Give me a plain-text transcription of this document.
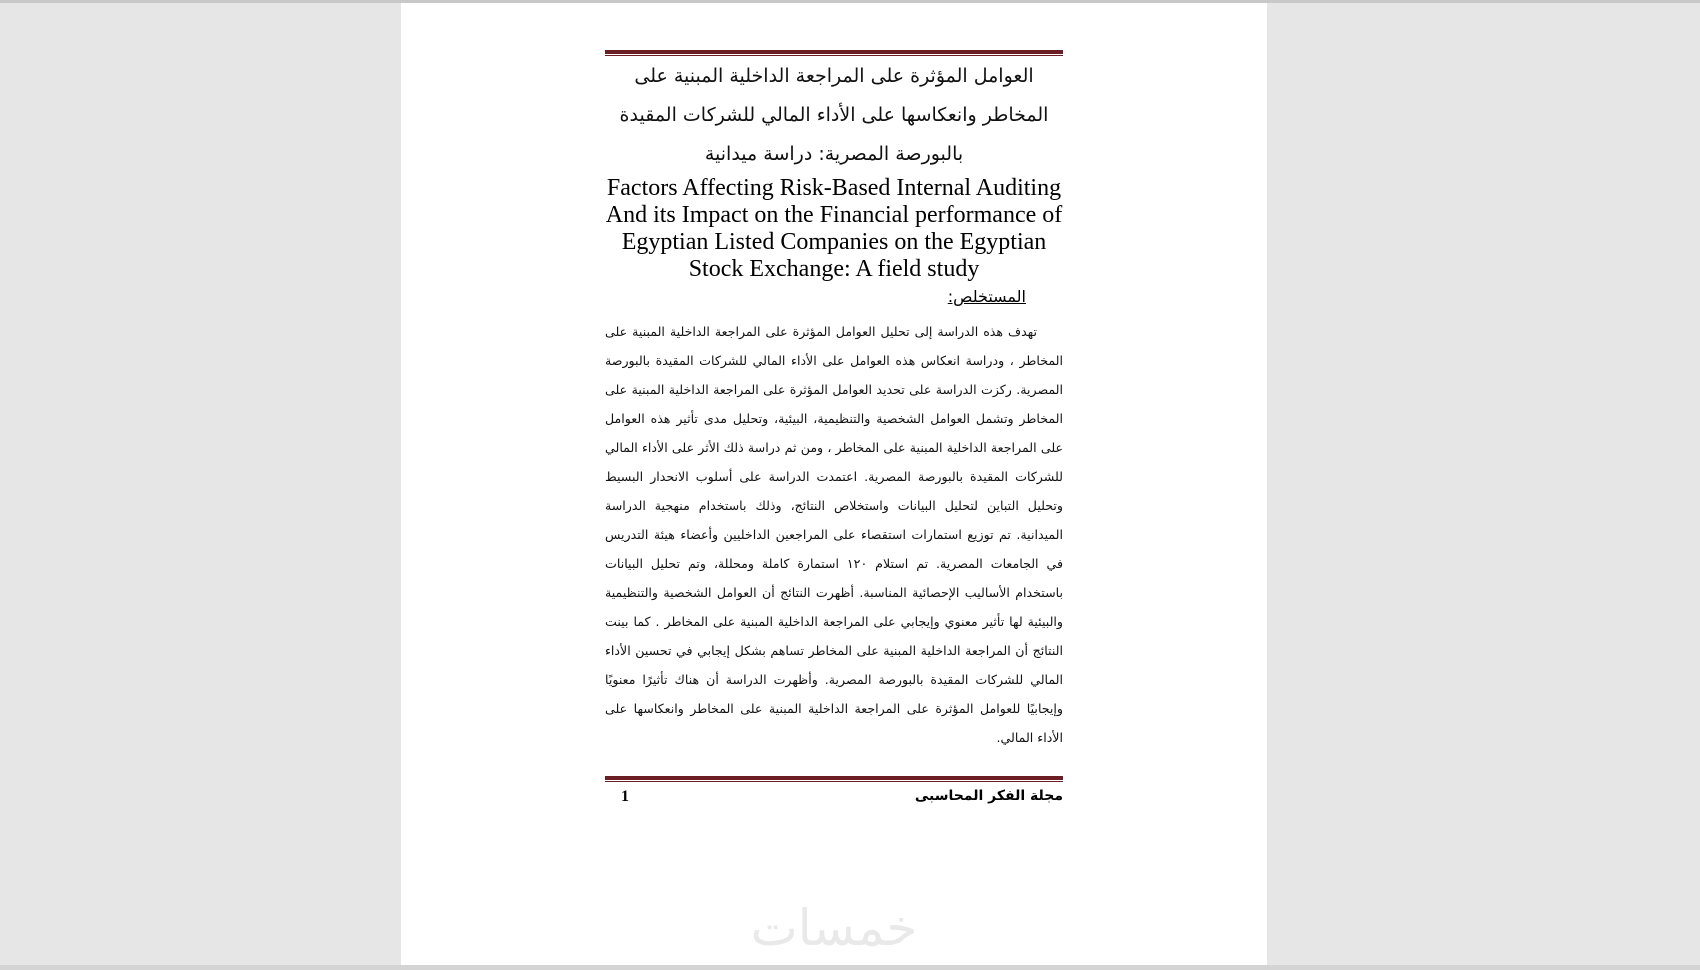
العوامل المؤثرة على المراجعة الداخلية المبنية على
المخاطر وانعكاسها على الأداء المالي للشركات المقيدة
بالبورصة المصرية: دراسة ميدانية
Factors Affecting Risk-Based Internal Auditing And its Impact on the Financial performance of Egyptian Listed Companies on the Egyptian Stock Exchange: A field study
المستخلص:
تهدف هذه الدراسة إلى تحليل العوامل المؤثرة على المراجعة الداخلية المبنية على المخاطر ، ودراسة انعكاس هذه العوامل على الأداء المالي للشركات المقيدة بالبورصة المصرية. ركزت الدراسة على تحديد العوامل المؤثرة على المراجعة الداخلية المبنية على المخاطر وتشمل العوامل الشخصية والتنظيمية، البيئية، وتحليل مدى تأثير هذه العوامل على المراجعة الداخلية المبنية على المخاطر ، ومن ثم دراسة ذلك الأثر على الأداء المالي للشركات المقيدة بالبورصة المصرية. اعتمدت الدراسة على أسلوب الانحدار البسيط وتحليل التباين لتحليل البيانات واستخلاص النتائج، وذلك باستخدام منهجية الدراسة الميدانية. تم توزيع استمارات استقصاء على المراجعين الداخليين وأعضاء هيئة التدريس في الجامعات المصرية. تم استلام ١٢٠ استمارة كاملة ومحللة، وتم تحليل البيانات باستخدام الأساليب الإحصائية المناسبة. أظهرت النتائج أن العوامل الشخصية والتنظيمية والبيئية لها تأثير معنوي وإيجابي على المراجعة الداخلية المبنية على المخاطر . كما بينت النتائج أن المراجعة الداخلية المبنية على المخاطر تساهم بشكل إيجابي في تحسين الأداء المالي للشركات المقيدة بالبورصة المصرية. وأظهرت الدراسة أن هناك تأثيرًا معنويًا وإيجابيًا للعوامل المؤثرة على المراجعة الداخلية المبنية على المخاطر وانعكاسها على الأداء المالي.
مجلة الفكر المحاسبى
1
خمسات
